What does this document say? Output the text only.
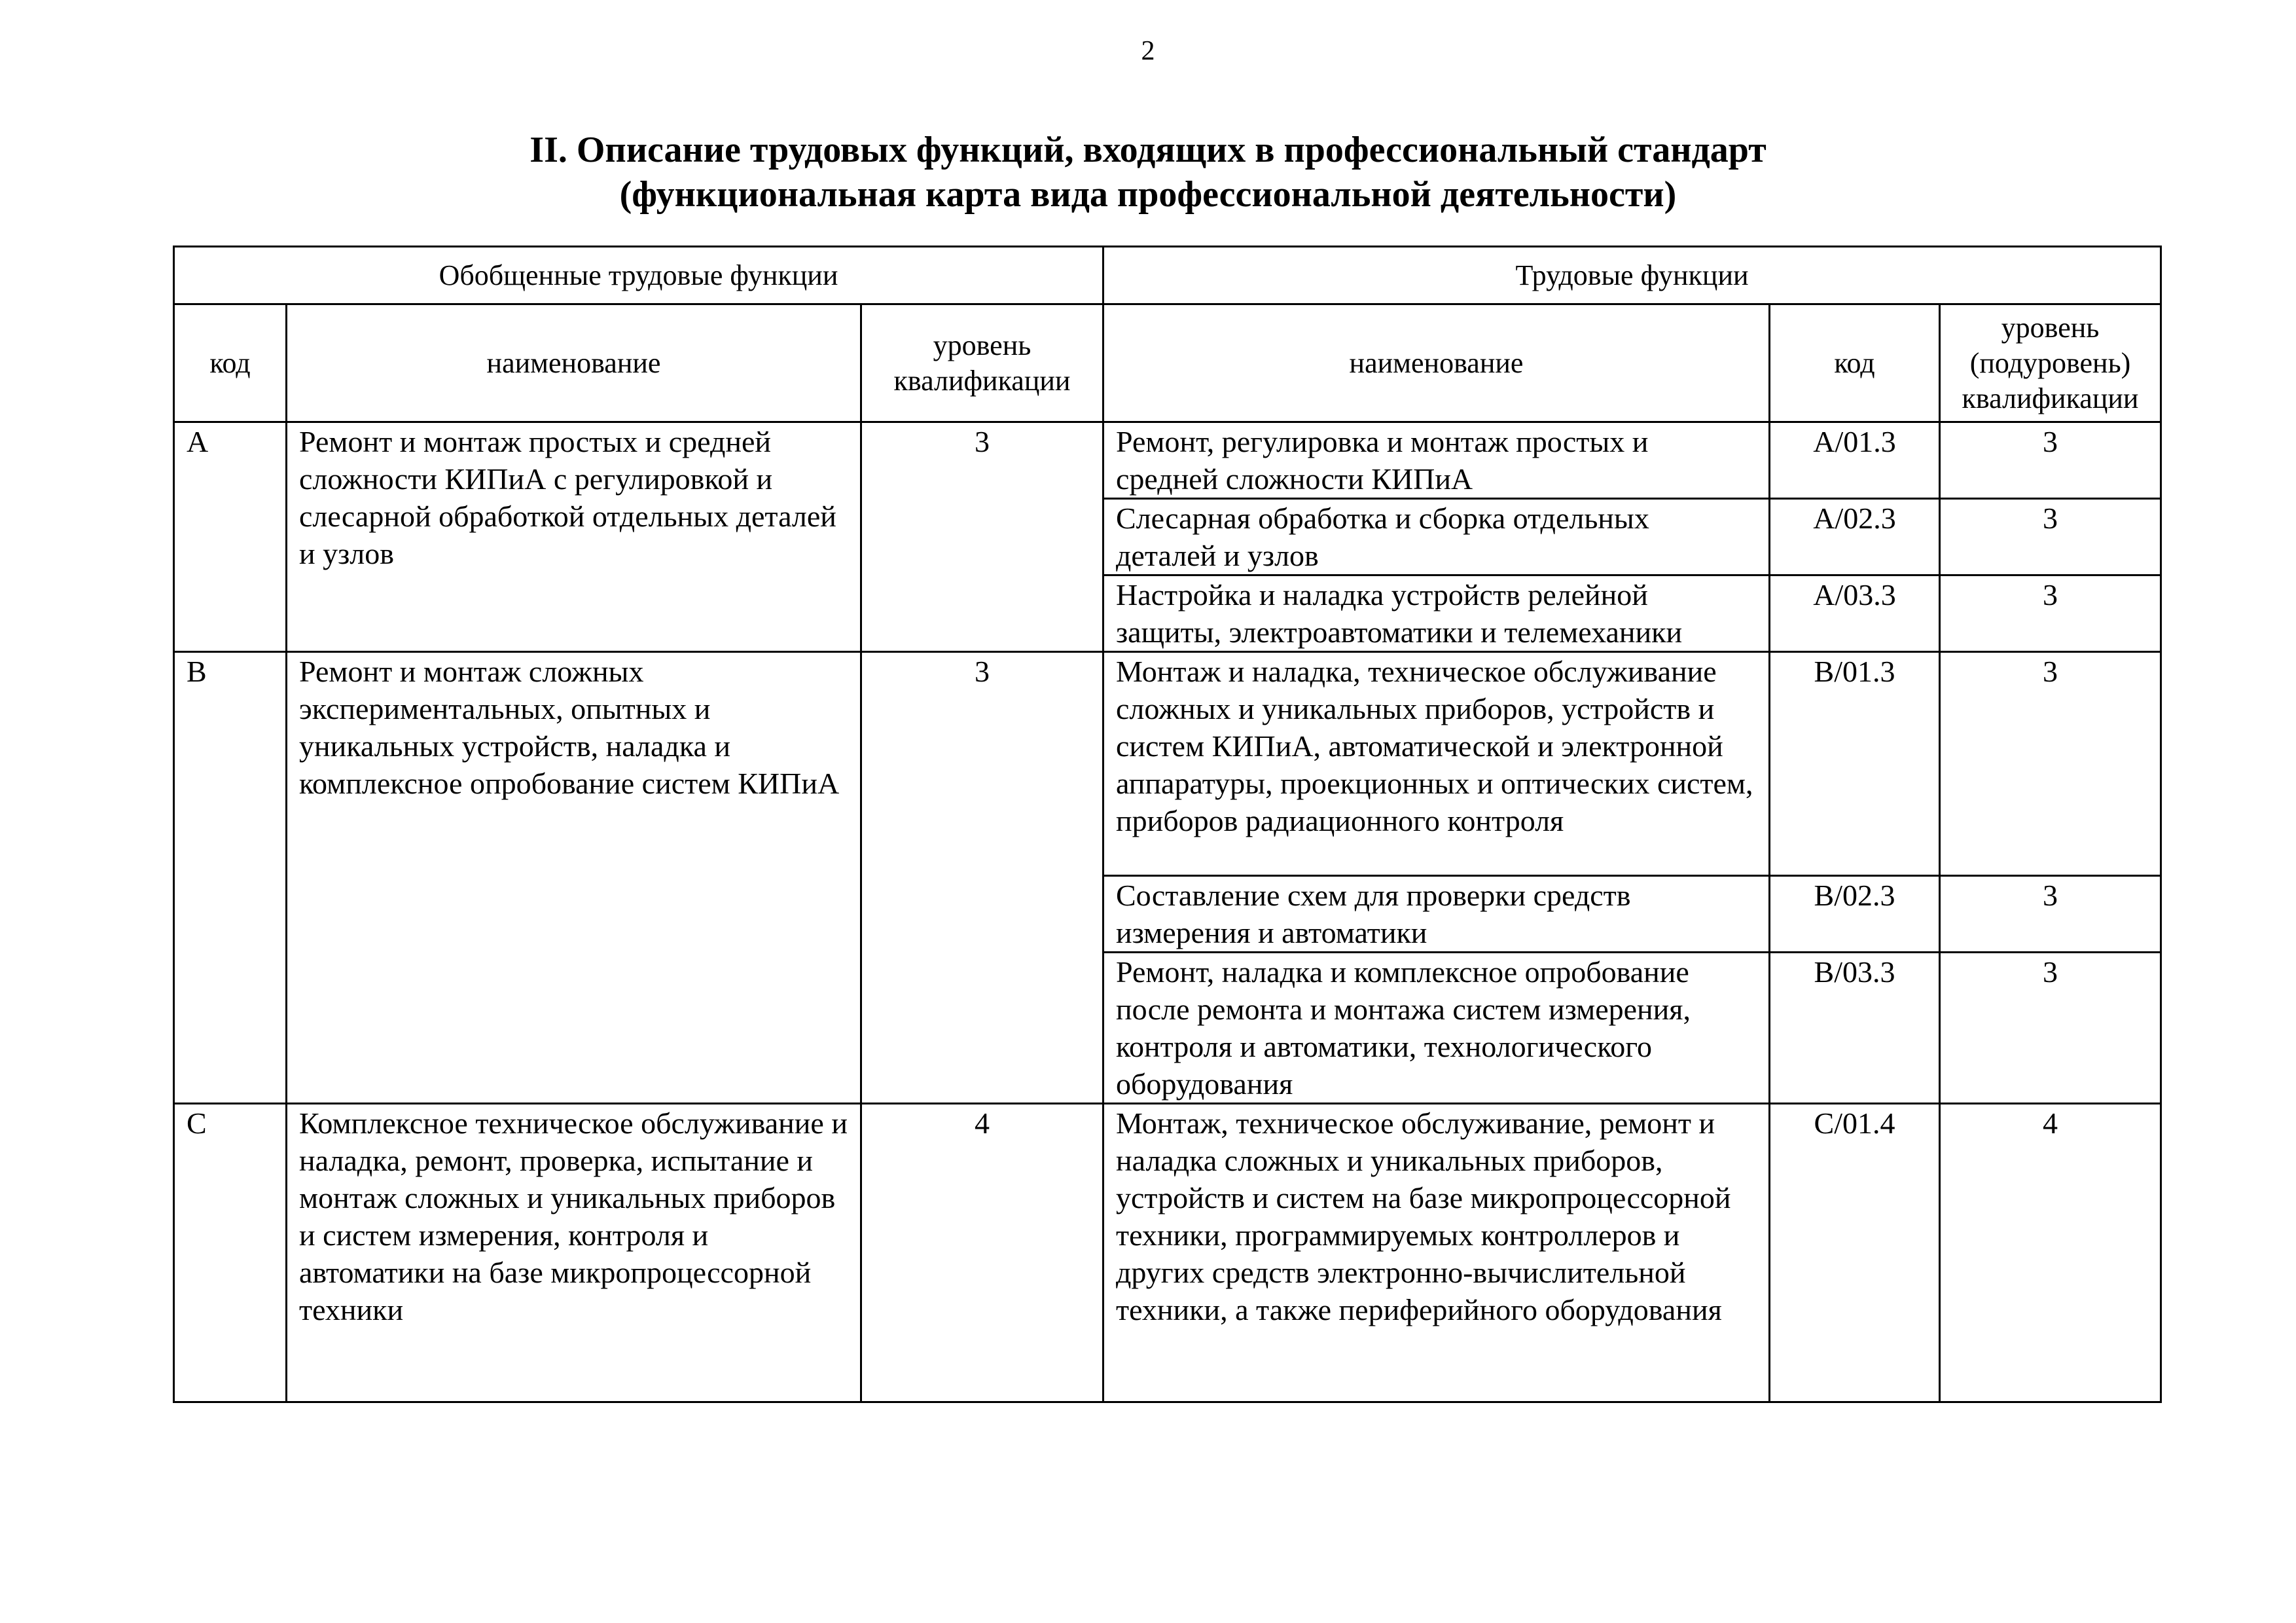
2
II. Описание трудовых функций, входящих в профессиональный стандарт
(функциональная карта вида профессиональной деятельности)
Обобщенные трудовые функции			Трудовые функции		
код	наименование	уровень квалификации	наименование	код	уровень (подуровень) квалификации
A	Ремонт и монтаж простых и средней сложности КИПиА с регулировкой и слесарной обработкой отдельных деталей и узлов	3	Ремонт, регулировка и монтаж простых и средней сложности КИПиА	A/01.3	3
			Слесарная обработка и сборка отдельных деталей и узлов	A/02.3	3
			Настройка и наладка устройств релейной защиты, электроавтоматики и телемеханики	A/03.3	3
B	Ремонт и монтаж сложных экспериментальных, опытных и уникальных устройств, наладка и комплексное опробование систем КИПиА	3	Монтаж и наладка, техническое обслуживание сложных и уникальных приборов, устройств и систем КИПиА, автоматической и электронной аппаратуры, проекционных и оптических систем, приборов радиационного контроля	B/01.3	3
			Составление схем для проверки средств измерения и автоматики	B/02.3	3
			Ремонт, наладка и комплексное опробование после ремонта и монтажа систем измерения, контроля и автоматики, технологического оборудования	B/03.3	3
C	Комплексное техническое обслуживание и наладка, ремонт, проверка, испытание и монтаж сложных и уникальных приборов и систем измерения, контроля и автоматики на базе микропроцессорной техники	4	Монтаж, техническое обслуживание, ремонт и наладка сложных и уникальных приборов, устройств и систем на базе микропроцессорной техники, программируемых контроллеров и других средств электронно-вычислительной техники, а также периферийного оборудования	C/01.4	4
